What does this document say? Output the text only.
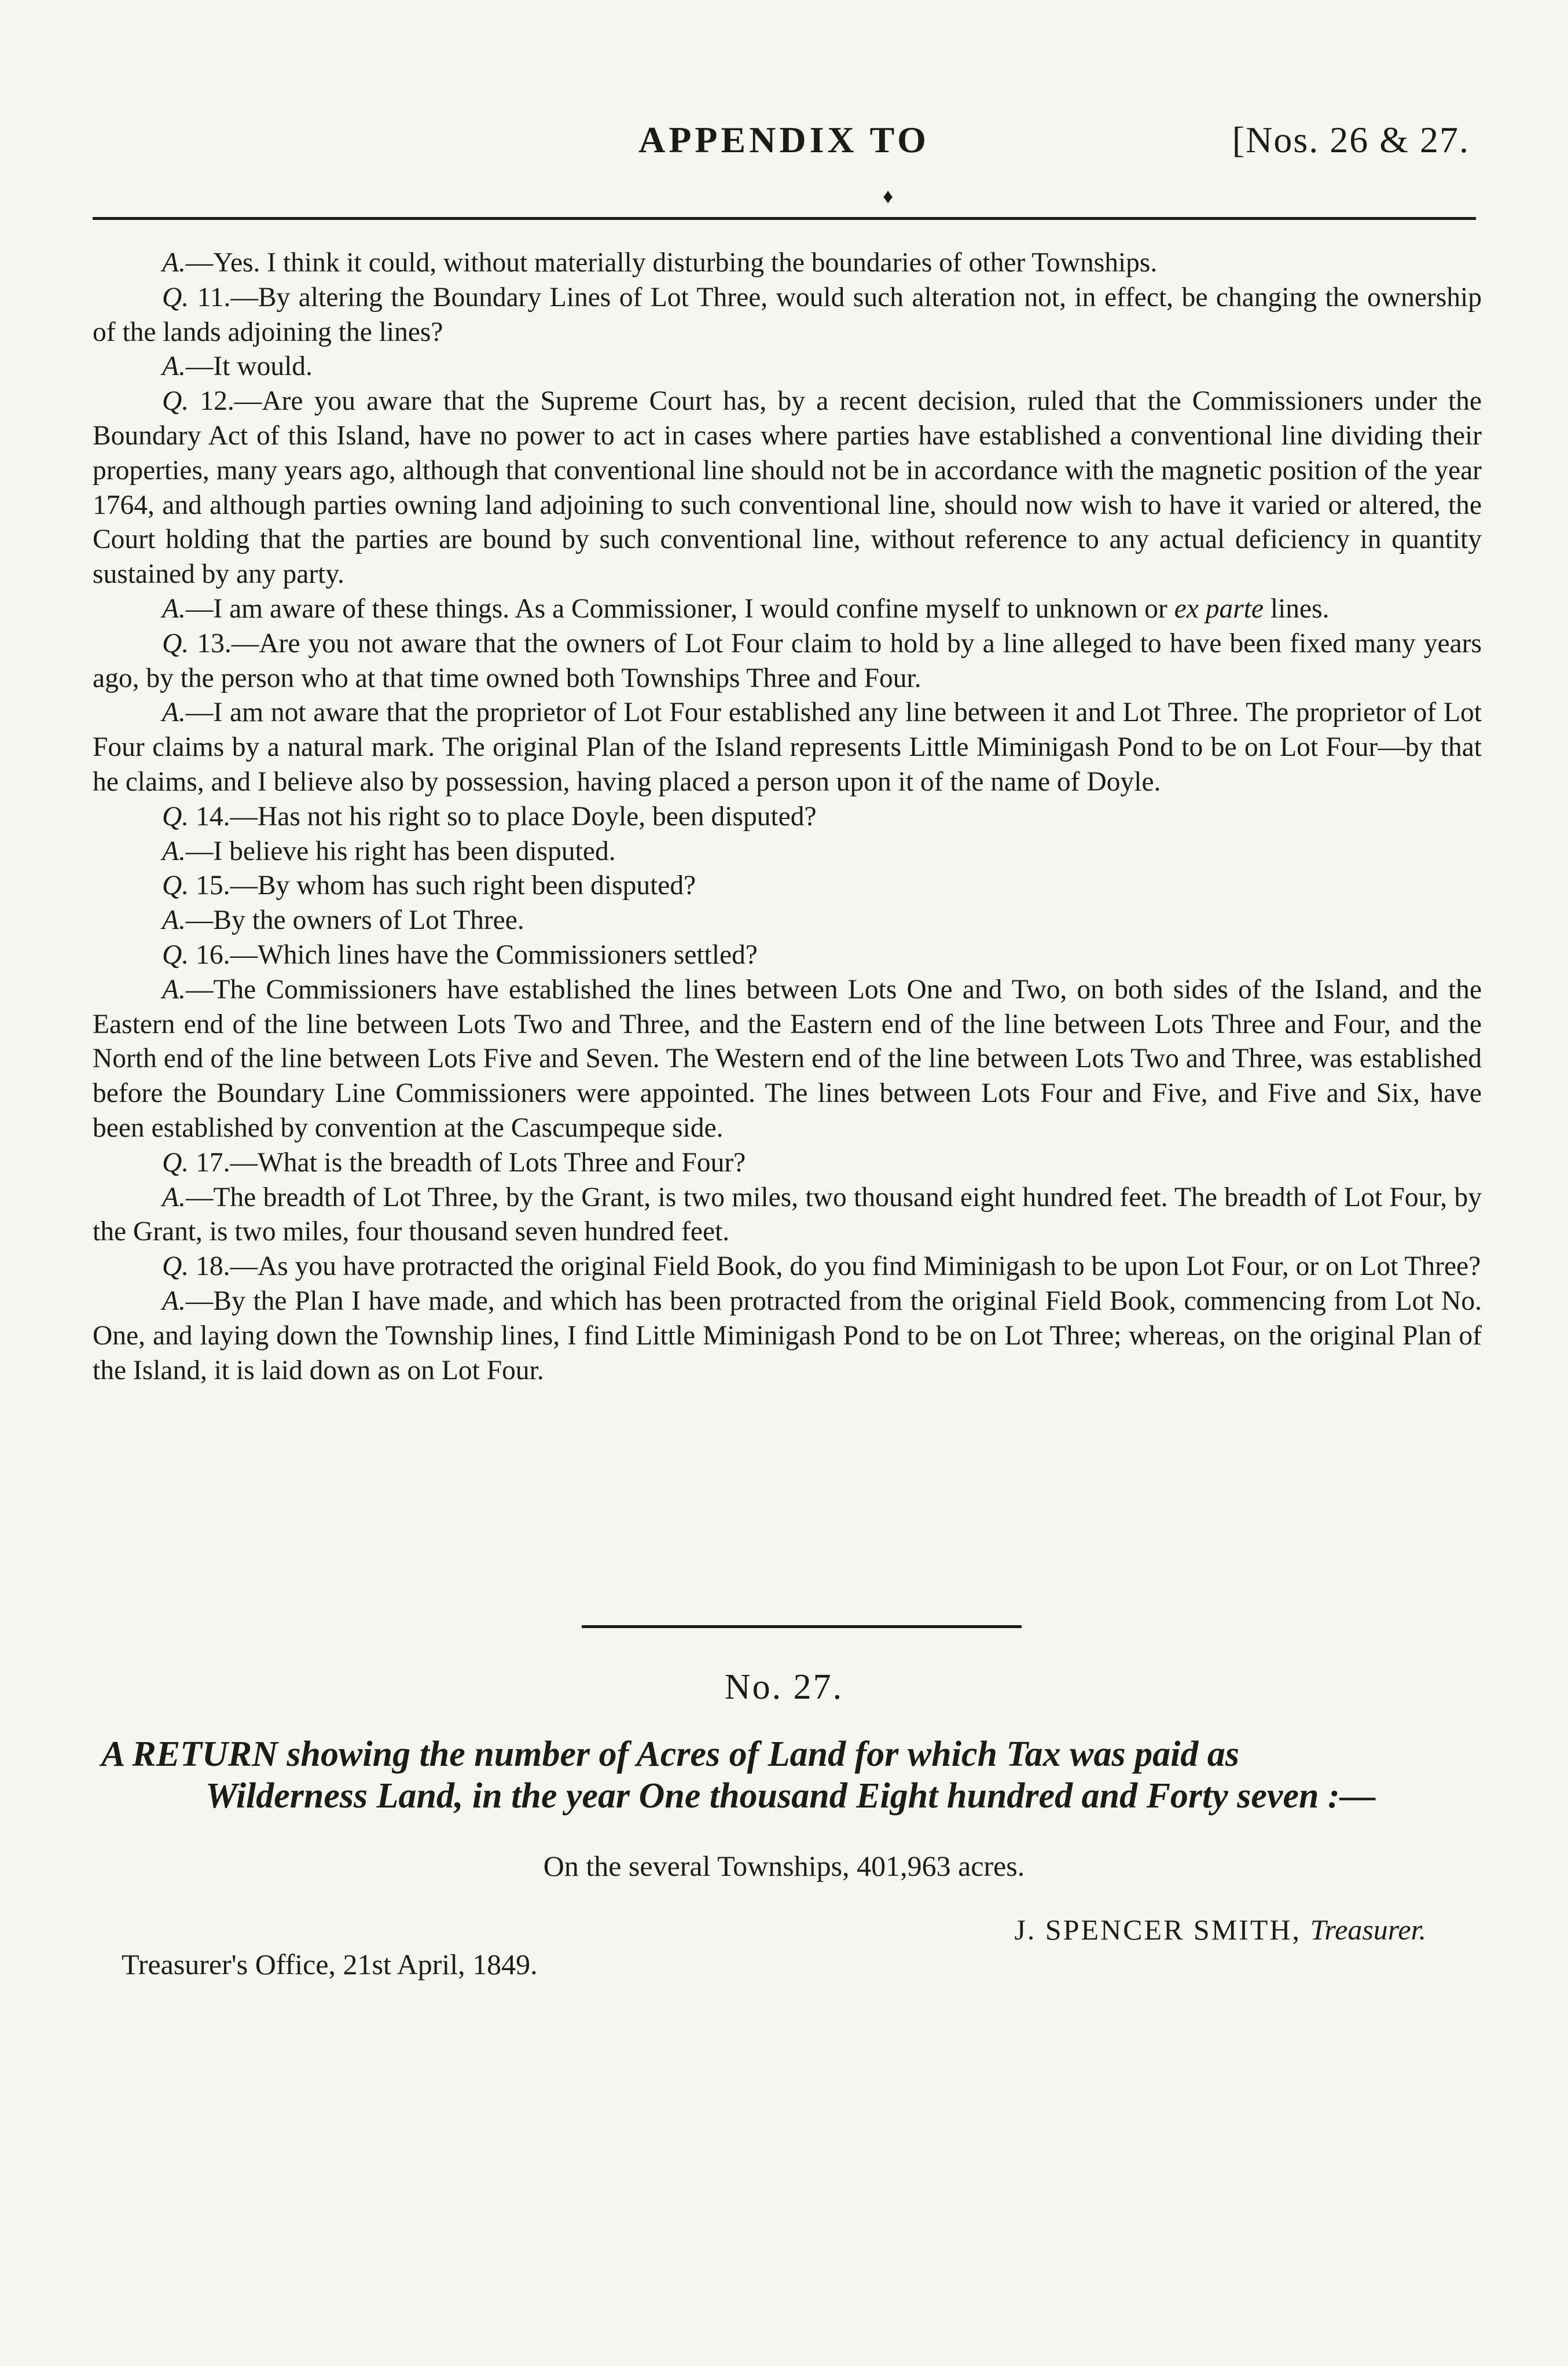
APPENDIX TO	[Nos. 26 & 27.
♦

A.—Yes. I think it could, without materially disturbing the boundaries of other Townships.

Q. 11.—By altering the Boundary Lines of Lot Three, would such alteration not, in effect, be changing the ownership of the lands adjoining the lines?

A.—It would.

Q. 12.—Are you aware that the Supreme Court has, by a recent decision, ruled that the Commissioners under the Boundary Act of this Island, have no power to act in cases where parties have established a conventional line dividing their properties, many years ago, although that conventional line should not be in accordance with the magnetic position of the year 1764, and although parties owning land adjoining to such conventional line, should now wish to have it varied or altered, the Court holding that the parties are bound by such conventional line, without reference to any actual deficiency in quantity sustained by any party.

A.—I am aware of these things. As a Commissioner, I would confine myself to unknown or ex parte lines.

Q. 13.—Are you not aware that the owners of Lot Four claim to hold by a line alleged to have been fixed many years ago, by the person who at that time owned both Townships Three and Four.

A.—I am not aware that the proprietor of Lot Four established any line between it and Lot Three. The proprietor of Lot Four claims by a natural mark. The original Plan of the Island represents Little Miminigash Pond to be on Lot Four—by that he claims, and I believe also by possession, having placed a person upon it of the name of Doyle.

Q. 14.—Has not his right so to place Doyle, been disputed?

A.—I believe his right has been disputed.

Q. 15.—By whom has such right been disputed?

A.—By the owners of Lot Three.

Q. 16.—Which lines have the Commissioners settled?

A.—The Commissioners have established the lines between Lots One and Two, on both sides of the Island, and the Eastern end of the line between Lots Two and Three, and the Eastern end of the line between Lots Three and Four, and the North end of the line between Lots Five and Seven. The Western end of the line between Lots Two and Three, was established before the Boundary Line Commissioners were appointed. The lines between Lots Four and Five, and Five and Six, have been established by convention at the Cascumpeque side.

Q. 17.—What is the breadth of Lots Three and Four?

A.—The breadth of Lot Three, by the Grant, is two miles, two thousand eight hundred feet. The breadth of Lot Four, by the Grant, is two miles, four thousand seven hundred feet.

Q. 18.—As you have protracted the original Field Book, do you find Miminigash to be upon Lot Four, or on Lot Three?

A.—By the Plan I have made, and which has been protracted from the original Field Book, commencing from Lot No. One, and laying down the Township lines, I find Little Miminigash Pond to be on Lot Three; whereas, on the original Plan of the Island, it is laid down as on Lot Four.

No. 27.

A RETURN showing the number of Acres of Land for which Tax was paid as

Wilderness Land, in the year One thousand Eight hundred and Forty seven :—

On the several Townships, 401,963 acres.
J. SPENCER SMITH, Treasurer.
Treasurer's Office, 21st April, 1849.
